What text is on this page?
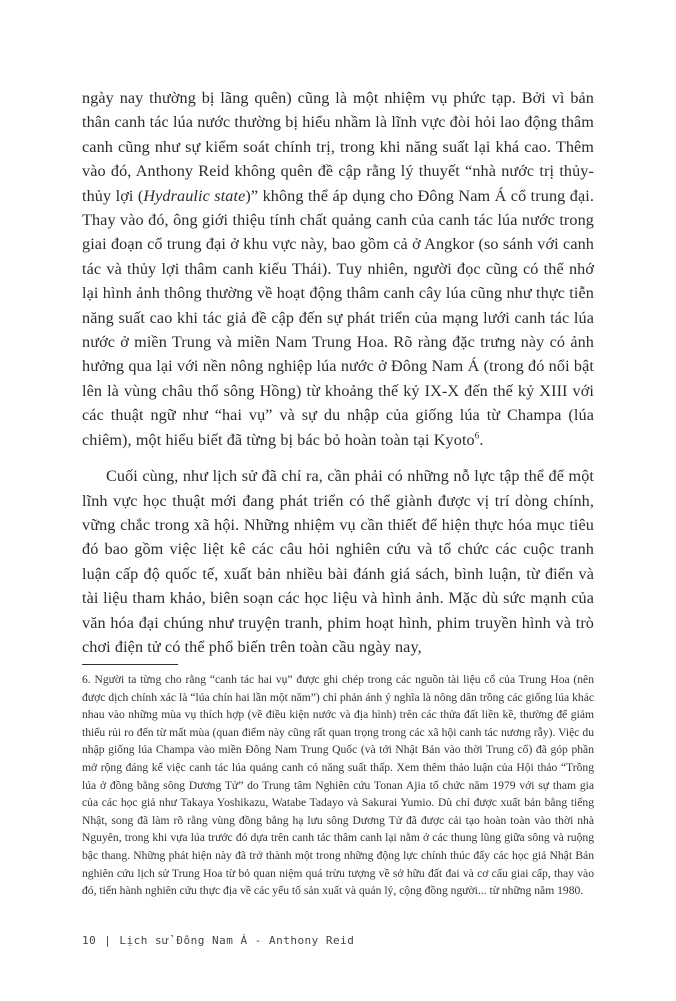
ngày nay thường bị lãng quên) cũng là một nhiệm vụ phức tạp. Bởi vì bản thân canh tác lúa nước thường bị hiểu nhầm là lĩnh vực đòi hỏi lao động thâm canh cũng như sự kiểm soát chính trị, trong khi năng suất lại khá cao. Thêm vào đó, Anthony Reid không quên đề cập rằng lý thuyết “nhà nước trị thủy-thủy lợi (Hydraulic state)” không thể áp dụng cho Đông Nam Á cổ trung đại. Thay vào đó, ông giới thiệu tính chất quảng canh của canh tác lúa nước trong giai đoạn cổ trung đại ở khu vực này, bao gồm cả ở Angkor (so sánh với canh tác và thủy lợi thâm canh kiểu Thái). Tuy nhiên, người đọc cũng có thể nhớ lại hình ảnh thông thường về hoạt động thâm canh cây lúa cũng như thực tiễn năng suất cao khi tác giả đề cập đến sự phát triển của mạng lưới canh tác lúa nước ở miền Trung và miền Nam Trung Hoa. Rõ ràng đặc trưng này có ảnh hưởng qua lại với nền nông nghiệp lúa nước ở Đông Nam Á (trong đó nổi bật lên là vùng châu thổ sông Hồng) từ khoảng thế kỷ IX-X đến thế kỷ XIII với các thuật ngữ như “hai vụ” và sự du nhập của giống lúa từ Champa (lúa chiêm), một hiểu biết đã từng bị bác bỏ hoàn toàn tại Kyoto$^6$.

Cuối cùng, như lịch sử đã chỉ ra, cần phải có những nỗ lực tập thể để một lĩnh vực học thuật mới đang phát triển có thể giành được vị trí dòng chính, vững chắc trong xã hội. Những nhiệm vụ cần thiết để hiện thực hóa mục tiêu đó bao gồm việc liệt kê các câu hỏi nghiên cứu và tổ chức các cuộc tranh luận cấp độ quốc tế, xuất bản nhiều bài đánh giá sách, bình luận, từ điển và tài liệu tham khảo, biên soạn các học liệu và hình ảnh. Mặc dù sức mạnh của văn hóa đại chúng như truyện tranh, phim hoạt hình, phim truyền hình và trò chơi điện tử có thể phổ biến trên toàn cầu ngày nay,

6. Người ta từng cho rằng “canh tác hai vụ” được ghi chép trong các nguồn tài liệu cổ của Trung Hoa (nên được dịch chính xác là “lúa chín hai lần một năm”) chỉ phản ánh ý nghĩa là nông dân trồng các giống lúa khác nhau vào những mùa vụ thích hợp (về điều kiện nước và địa hình) trên các thửa đất liền kề, thường để giảm thiểu rủi ro đến từ mất mùa (quan điểm này cũng rất quan trọng trong các xã hội canh tác nương rẫy). Việc du nhập giống lúa Champa vào miền Đông Nam Trung Quốc (và tới Nhật Bản vào thời Trung cổ) đã góp phần mở rộng đáng kể việc canh tác lúa quảng canh có năng suất thấp. Xem thêm thảo luận của Hội thảo “Trồng lúa ở đồng bằng sông Dương Tử” do Trung tâm Nghiên cứu Tonan Ajia tổ chức năm 1979 với sự tham gia của các học giả như Takaya Yoshikazu, Watabe Tadayo và Sakurai Yumio. Dù chỉ được xuất bản bằng tiếng Nhật, song đã làm rõ rằng vùng đồng bằng hạ lưu sông Dương Tử đã được cải tạo hoàn toàn vào thời nhà Nguyên, trong khi vựa lúa trước đó dựa trên canh tác thâm canh lại nằm ở các thung lũng giữa sông và ruộng bậc thang. Những phát hiện này đã trở thành một trong những động lực chính thúc đẩy các học giả Nhật Bản nghiên cứu lịch sử Trung Hoa từ bỏ quan niệm quá trừu tượng về sở hữu đất đai và cơ cấu giai cấp, thay vào đó, tiến hành nghiên cứu thực địa về các yếu tố sản xuất và quản lý, cộng đồng người... từ những năm 1980.
10 | Lịch sử Đông Nam Á - Anthony Reid
